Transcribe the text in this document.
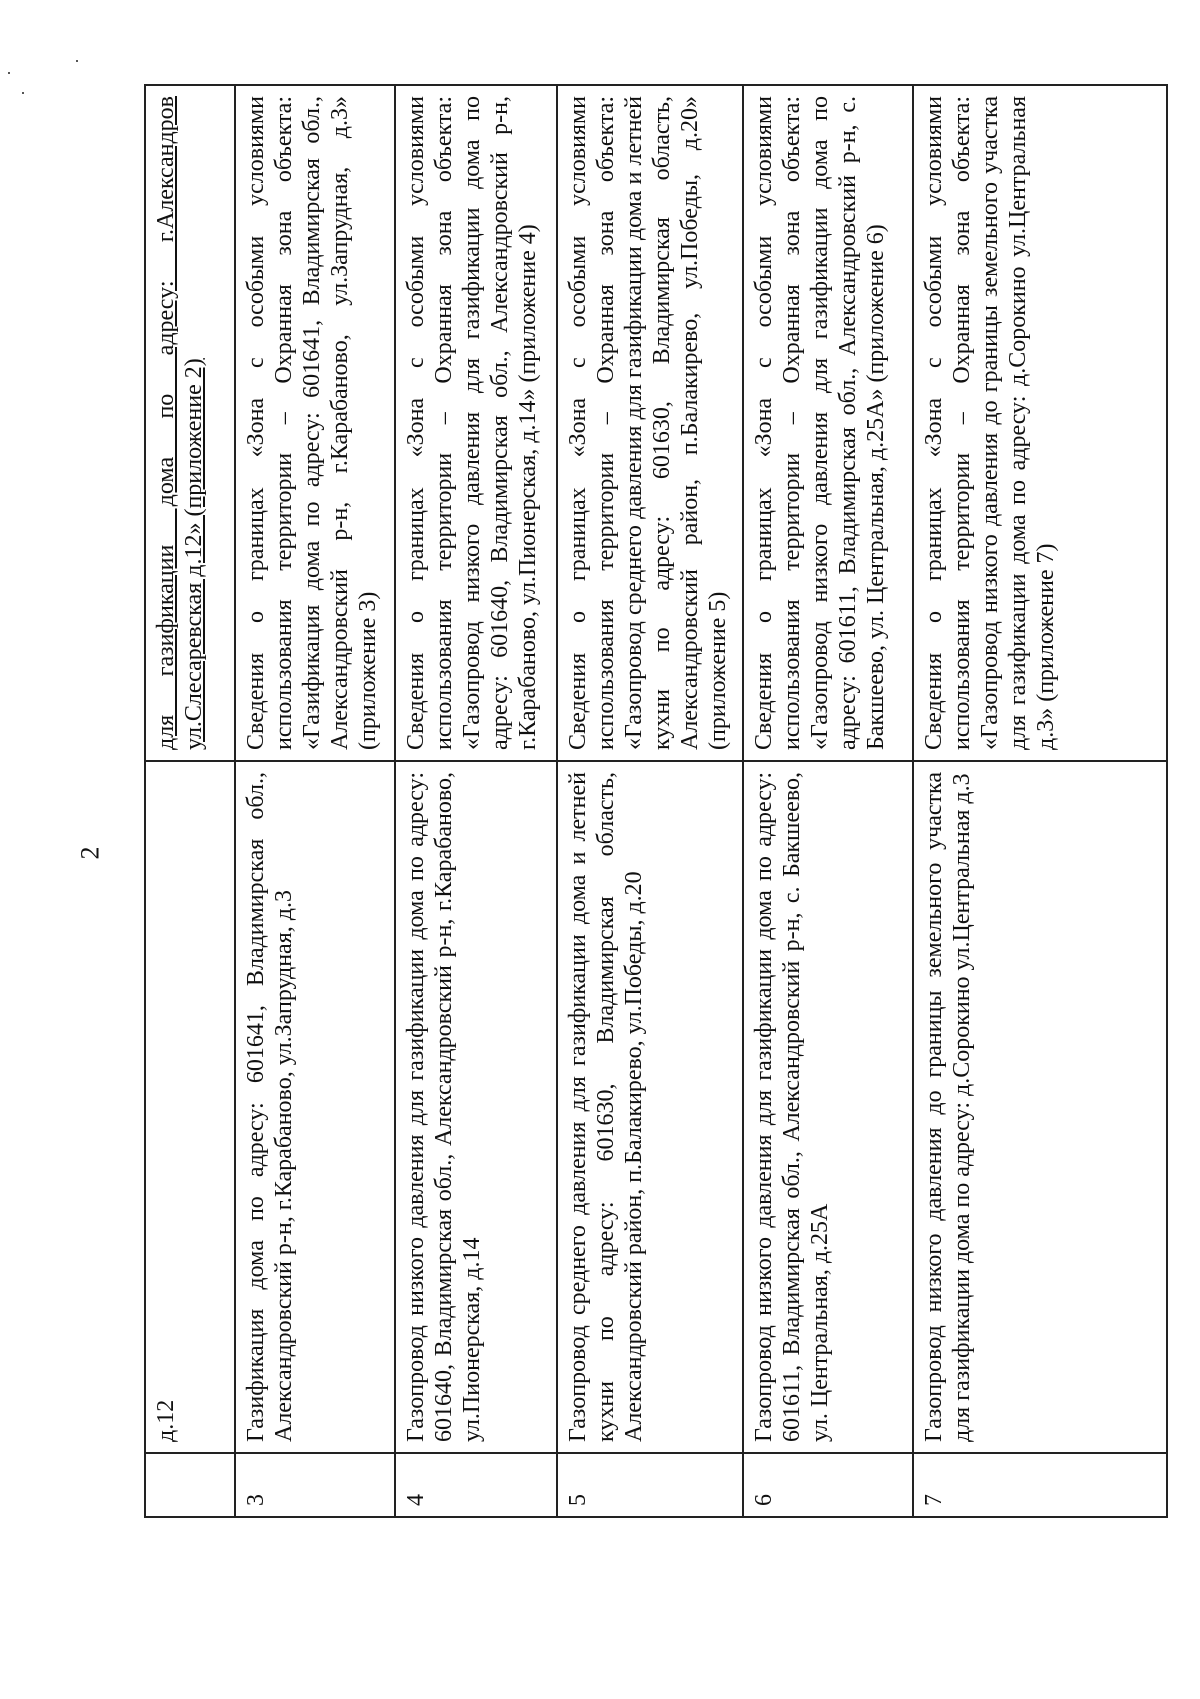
2
	д.12	для газификации дома по адресу: г.Александров ул.Слесаревская д.12» (приложение 2)
3	Газификация дома по адресу: 601641, Владимирская обл., Александровский р-н, г.Карабаново, ул.Запрудная, д.3	Сведения о границах «Зона с особыми условиями использования территории – Охранная зона объекта: «Газификация дома по адресу: 601641, Владимирская обл., Александровский р-н, г.Карабаново, ул.Запрудная, д.3» (приложение 3)
4	Газопровод низкого давления для газификации дома по адресу: 601640, Владимирская обл., Александровский р-н, г.Карабаново, ул.Пионерская, д.14	Сведения о границах «Зона с особыми условиями использования территории – Охранная зона объекта: «Газопровод низкого давления для газификации дома по адресу: 601640, Владимирская обл., Александровский р-н, г.Карабаново, ул.Пионерская, д.14» (приложение 4)
5	Газопровод среднего давления для газификации дома и летней кухни по адресу: 601630, Владимирская область, Александровский район, п.Балакирево, ул.Победы, д.20	Сведения о границах «Зона с особыми условиями использования территории – Охранная зона объекта: «Газопровод среднего давления для газификации дома и летней кухни по адресу: 601630, Владимирская область, Александровский район, п.Балакирево, ул.Победы, д.20» (приложение 5)
6	Газопровод низкого давления для газификации дома по адресу: 601611, Владимирская обл., Александровский р-н, с. Бакшеево, ул. Центральная, д.25А	Сведения о границах «Зона с особыми условиями использования территории – Охранная зона объекта: «Газопровод низкого давления для газификации дома по адресу: 601611, Владимирская обл., Александровский р-н, с. Бакшеево, ул. Центральная, д.25А» (приложение 6)
7	Газопровод низкого давления до границы земельного участка для газификации дома по адресу: д.Сорокино ул.Центральная д.3	Сведения о границах «Зона с особыми условиями использования территории – Охранная зона объекта: «Газопровод низкого давления до границы земельного участка для газификации дома по адресу: д.Сорокино ул.Центральная д.3» (приложение 7)
